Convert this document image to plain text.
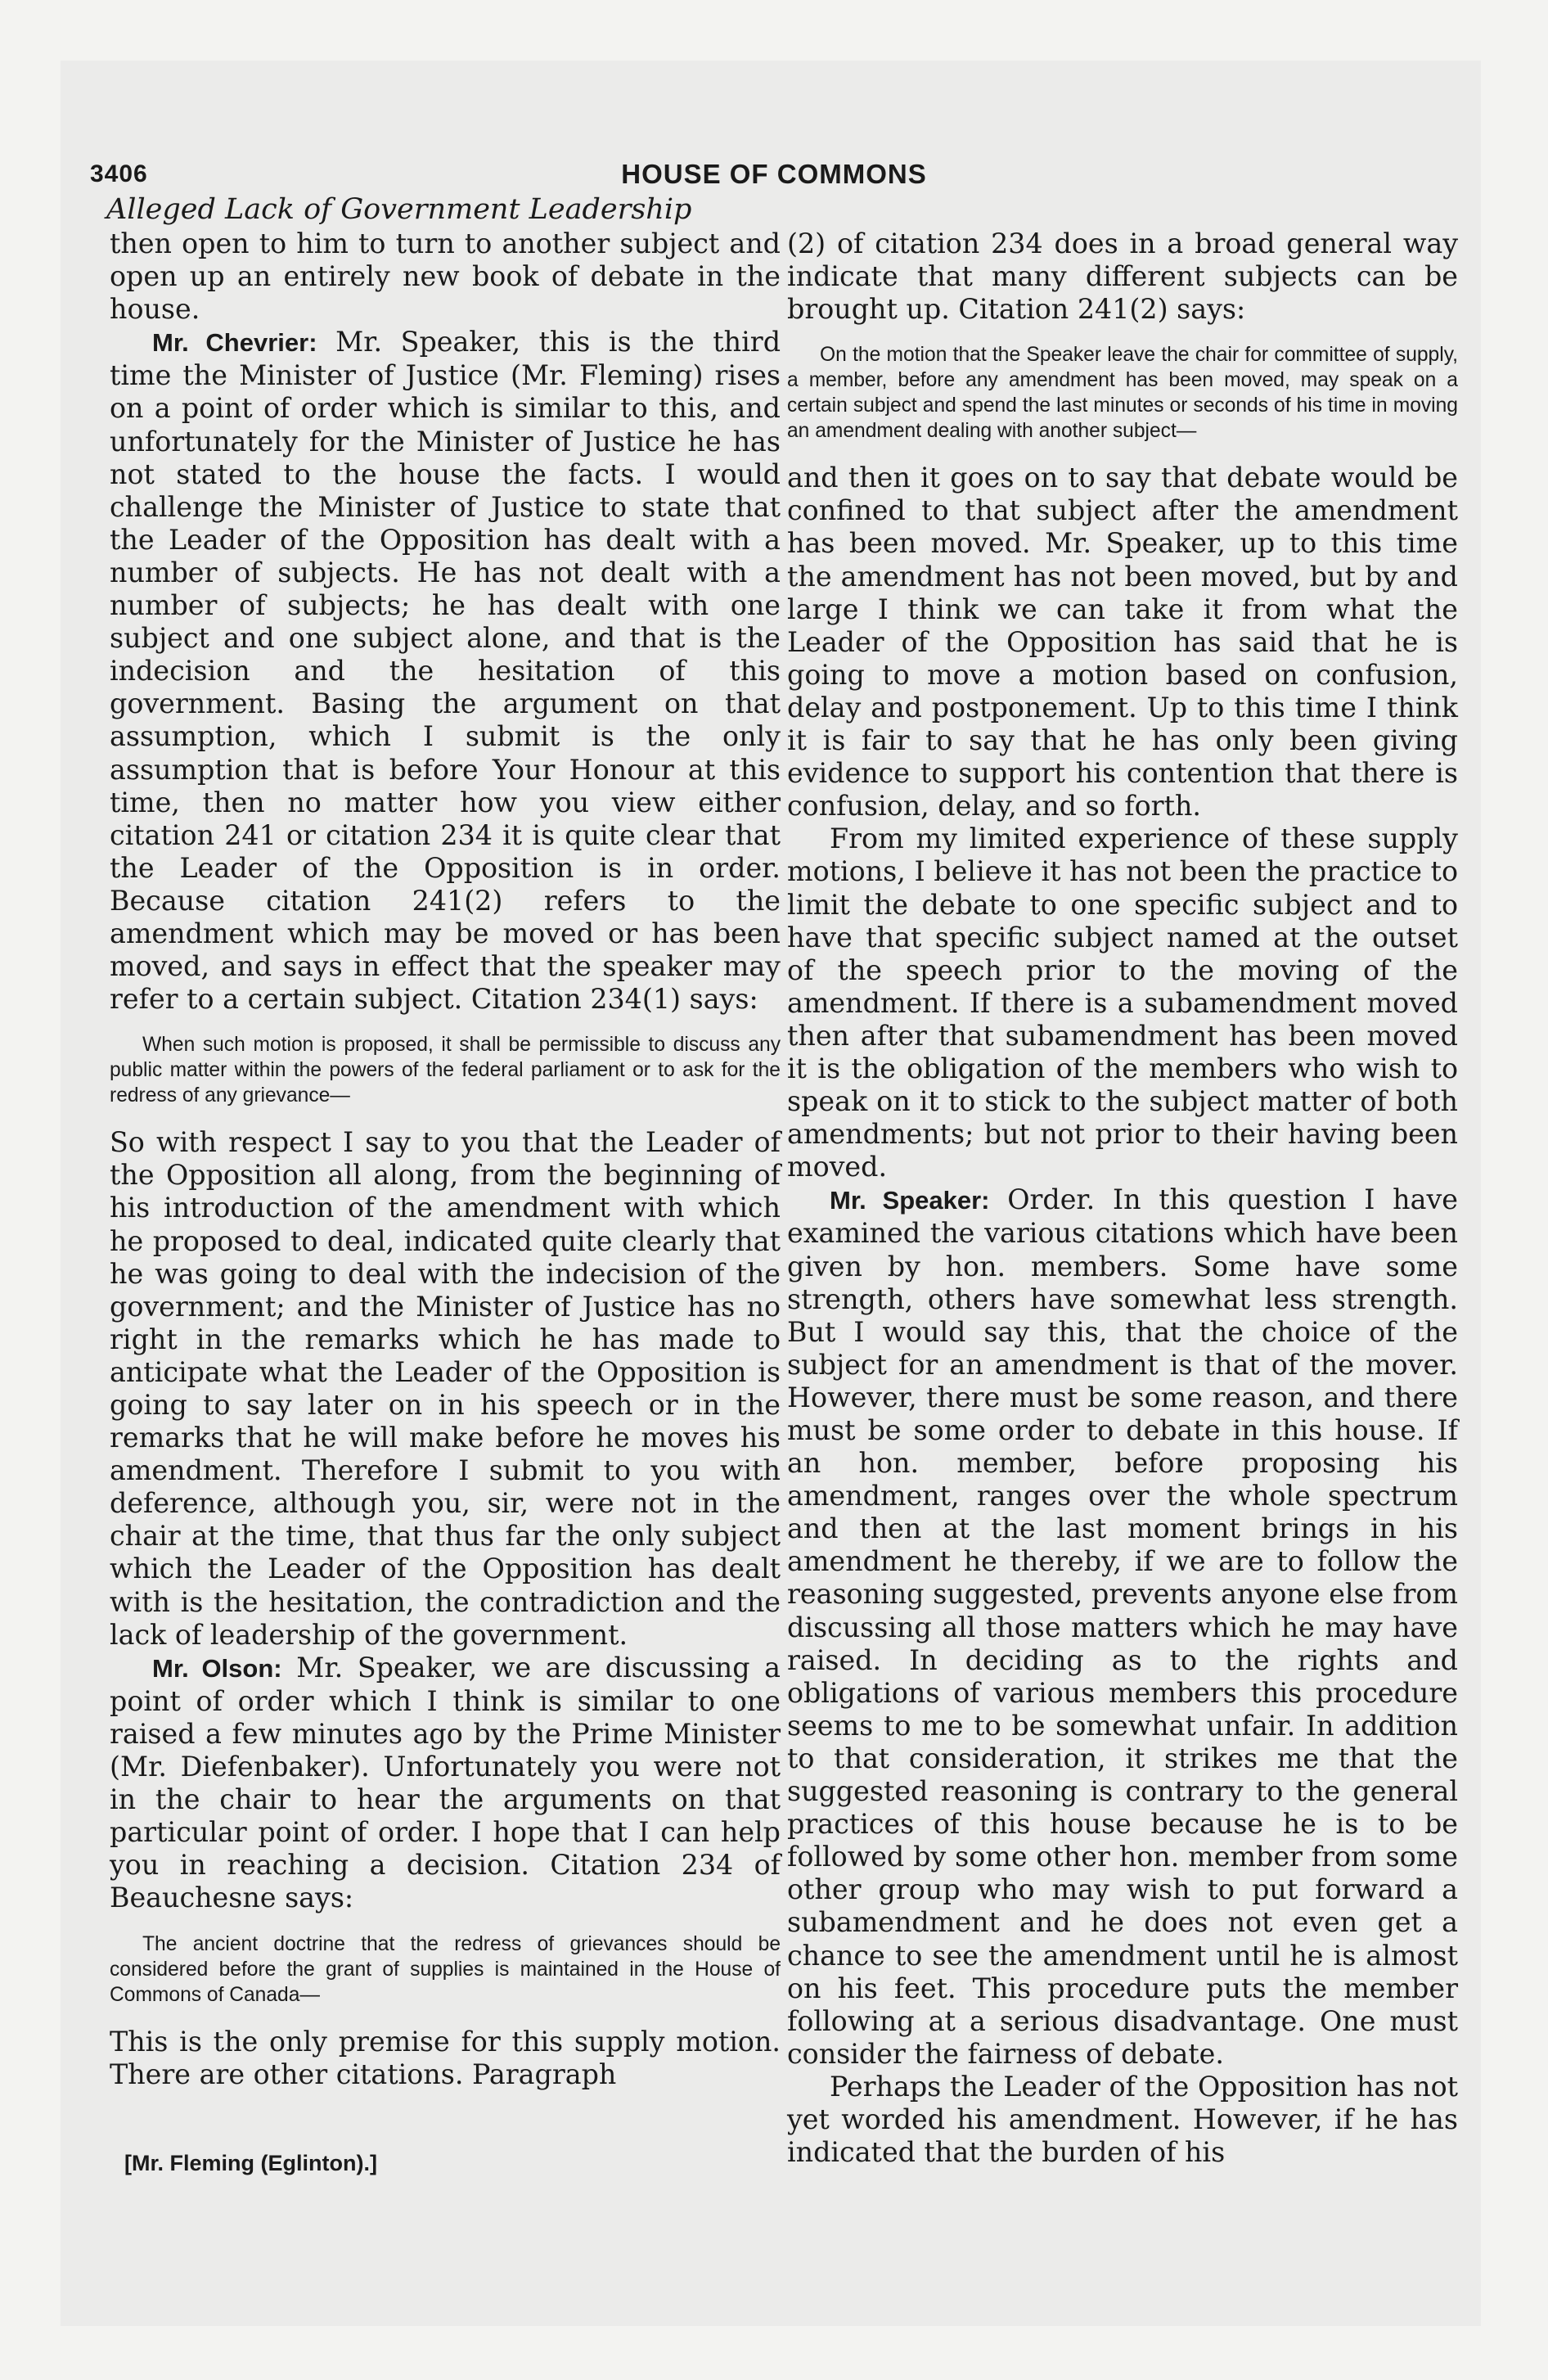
3406	HOUSE OF COMMONS
Alleged Lack of Government Leadership

then open to him to turn to another subject and open up an entirely new book of debate in the house.

Mr. Chevrier: Mr. Speaker, this is the third time the Minister of Justice (Mr. Fleming) rises on a point of order which is similar to this, and unfortunately for the Minister of Justice he has not stated to the house the facts. I would challenge the Minister of Justice to state that the Leader of the Opposition has dealt with a number of subjects. He has not dealt with a number of subjects; he has dealt with one subject and one subject alone, and that is the indecision and the hesitation of this government. Basing the argument on that assumption, which I submit is the only assumption that is before Your Honour at this time, then no matter how you view either citation 241 or citation 234 it is quite clear that the Leader of the Opposition is in order. Because citation 241(2) refers to the amendment which may be moved or has been moved, and says in effect that the speaker may refer to a certain subject. Citation 234(1) says:

When such motion is proposed, it shall be permissible to discuss any public matter within the powers of the federal parliament or to ask for the redress of any grievance—

So with respect I say to you that the Leader of the Opposition all along, from the beginning of his introduction of the amendment with which he proposed to deal, indicated quite clearly that he was going to deal with the indecision of the government; and the Minister of Justice has no right in the remarks which he has made to anticipate what the Leader of the Opposition is going to say later on in his speech or in the remarks that he will make before he moves his amendment. Therefore I submit to you with deference, although you, sir, were not in the chair at the time, that thus far the only subject which the Leader of the Opposition has dealt with is the hesitation, the contradiction and the lack of leadership of the government.

Mr. Olson: Mr. Speaker, we are discussing a point of order which I think is similar to one raised a few minutes ago by the Prime Minister (Mr. Diefenbaker). Unfortunately you were not in the chair to hear the arguments on that particular point of order. I hope that I can help you in reaching a decision. Citation 234 of Beauchesne says:

The ancient doctrine that the redress of grievances should be considered before the grant of supplies is maintained in the House of Commons of Canada—

This is the only premise for this supply motion. There are other citations. Paragraph

(2) of citation 234 does in a broad general way indicate that many different subjects can be brought up. Citation 241(2) says:

On the motion that the Speaker leave the chair for committee of supply, a member, before any amendment has been moved, may speak on a certain subject and spend the last minutes or seconds of his time in moving an amendment dealing with another subject—

and then it goes on to say that debate would be confined to that subject after the amendment has been moved. Mr. Speaker, up to this time the amendment has not been moved, but by and large I think we can take it from what the Leader of the Opposition has said that he is going to move a motion based on confusion, delay and postponement. Up to this time I think it is fair to say that he has only been giving evidence to support his contention that there is confusion, delay, and so forth.

From my limited experience of these supply motions, I believe it has not been the practice to limit the debate to one specific subject and to have that specific subject named at the outset of the speech prior to the moving of the amendment. If there is a subamendment moved then after that subamendment has been moved it is the obligation of the members who wish to speak on it to stick to the subject matter of both amendments; but not prior to their having been moved.

Mr. Speaker: Order. In this question I have examined the various citations which have been given by hon. members. Some have some strength, others have somewhat less strength. But I would say this, that the choice of the subject for an amendment is that of the mover. However, there must be some reason, and there must be some order to debate in this house. If an hon. member, before proposing his amendment, ranges over the whole spectrum and then at the last moment brings in his amendment he thereby, if we are to follow the reasoning suggested, prevents anyone else from discussing all those matters which he may have raised. In deciding as to the rights and obligations of various members this procedure seems to me to be somewhat unfair. In addition to that consideration, it strikes me that the suggested reasoning is contrary to the general practices of this house because he is to be followed by some other hon. member from some other group who may wish to put forward a subamendment and he does not even get a chance to see the amendment until he is almost on his feet. This procedure puts the member following at a serious disadvantage. One must consider the fairness of debate.

Perhaps the Leader of the Opposition has not yet worded his amendment. However, if he has indicated that the burden of his

[Mr. Fleming (Eglinton).]
